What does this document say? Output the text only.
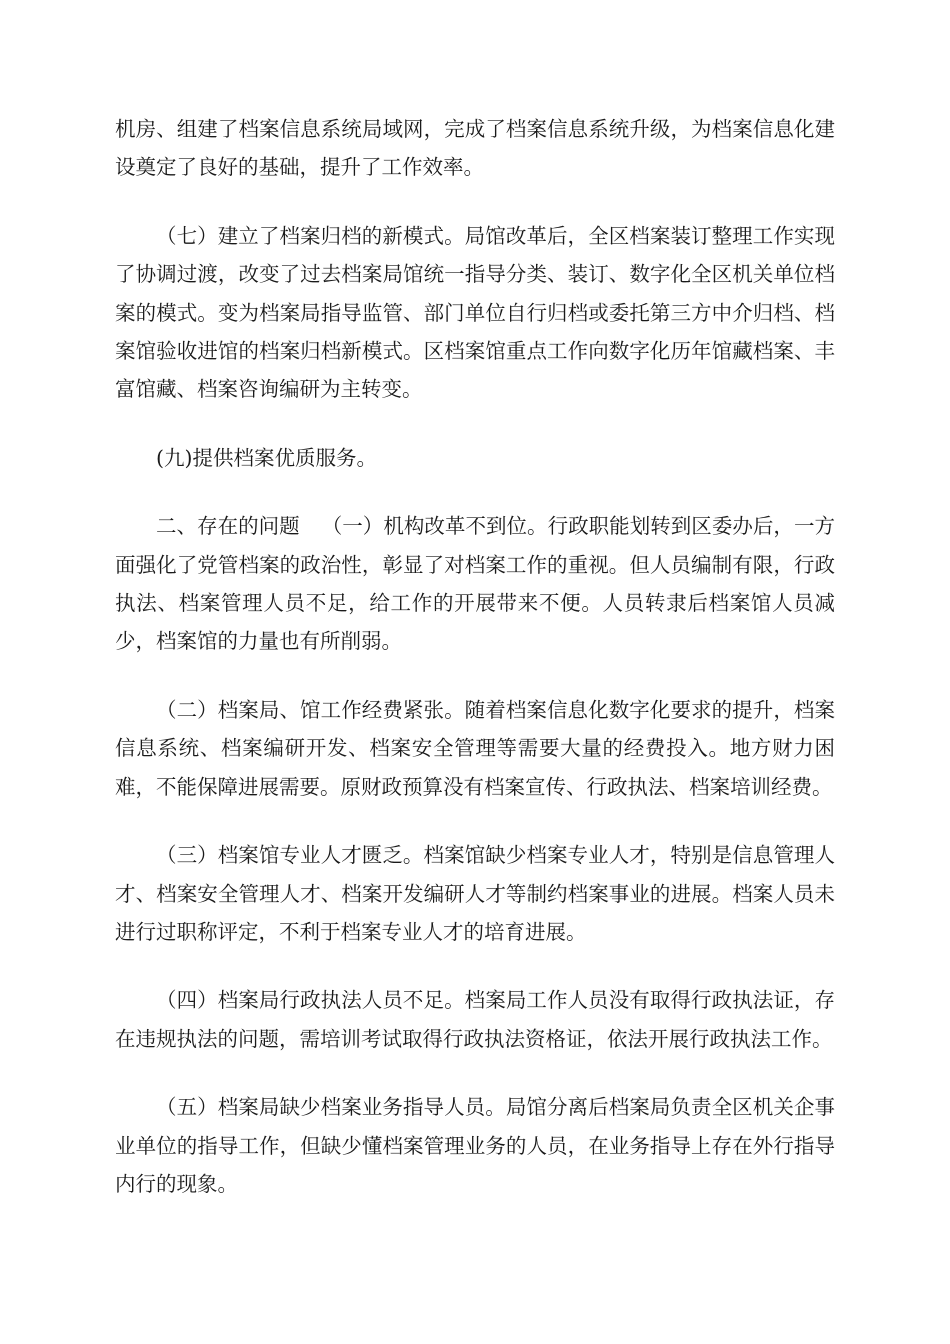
机房、组建了档案信息系统局域网，完成了档案信息系统升级，为档案信息化建设奠定了良好的基础，提升了工作效率。

（七）建立了档案归档的新模式。局馆改革后，全区档案装订整理工作实现了协调过渡，改变了过去档案局馆统一指导分类、装订、数字化全区机关单位档案的模式。变为档案局指导监管、部门单位自行归档或委托第三方中介归档、档案馆验收进馆的档案归档新模式。区档案馆重点工作向数字化历年馆藏档案、丰富馆藏、档案咨询编研为主转变。

(九)提供档案优质服务。

二、存在的问题 （一）机构改革不到位。行政职能划转到区委办后，一方面强化了党管档案的政治性，彰显了对档案工作的重视。但人员编制有限，行政执法、档案管理人员不足，给工作的开展带来不便。人员转隶后档案馆人员减少，档案馆的力量也有所削弱。

（二）档案局、馆工作经费紧张。随着档案信息化数字化要求的提升，档案信息系统、档案编研开发、档案安全管理等需要大量的经费投入。地方财力困难，不能保障进展需要。原财政预算没有档案宣传、行政执法、档案培训经费。

（三）档案馆专业人才匮乏。档案馆缺少档案专业人才，特别是信息管理人才、档案安全管理人才、档案开发编研人才等制约档案事业的进展。档案人员未进行过职称评定，不利于档案专业人才的培育进展。

（四）档案局行政执法人员不足。档案局工作人员没有取得行政执法证，存在违规执法的问题，需培训考试取得行政执法资格证，依法开展行政执法工作。

（五）档案局缺少档案业务指导人员。局馆分离后档案局负责全区机关企事业单位的指导工作，但缺少懂档案管理业务的人员，在业务指导上存在外行指导内行的现象。
